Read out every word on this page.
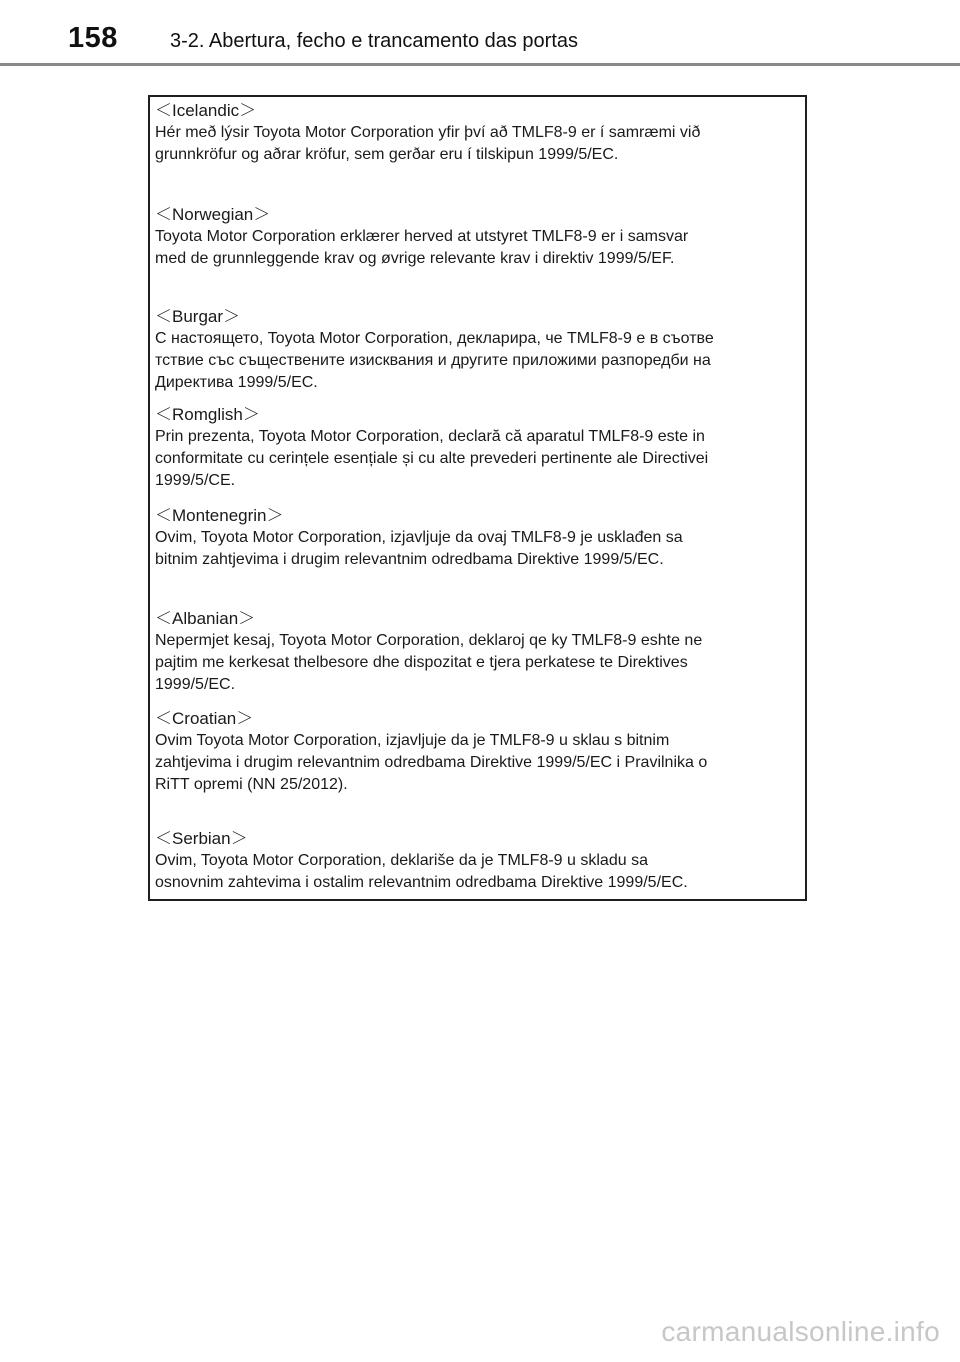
158	3-2. Abertura, fecho e trancamento das portas
＜Icelandic＞
Hér með lýsir Toyota Motor Corporation yfir því að TMLF8-9 er í samræmi við
grunnkröfur og aðrar kröfur, sem gerðar eru í tilskipun 1999/5/EC.
＜Norwegian＞
Toyota Motor Corporation erklærer herved at utstyret TMLF8-9 er i samsvar
med de grunnleggende krav og øvrige relevante krav i direktiv 1999/5/EF.
＜Burgar＞
С настоящето, Toyota Motor Corporation, декларира, че TMLF8-9 е в съотве
тствие със съществените изисквания и другите приложими разпоредби на
Директива 1999/5/EC.
＜Romglish＞
Prin prezenta, Toyota Motor Corporation, declară că aparatul TMLF8-9 este in
conformitate cu cerințele esențiale și cu alte prevederi pertinente ale Directivei
1999/5/CE.
＜Montenegrin＞
Ovim, Toyota Motor Corporation, izjavljuje da ovaj TMLF8-9 je usklađen sa
bitnim zahtjevima i drugim relevantnim odredbama Direktive 1999/5/EC.
＜Albanian＞
Nepermjet kesaj, Toyota Motor Corporation, deklaroj qe ky TMLF8-9 eshte ne
pajtim me kerkesat thelbesore dhe dispozitat e tjera perkatese te Direktives
1999/5/EC.
＜Croatian＞
Ovim Toyota Motor Corporation, izjavljuje da je TMLF8-9 u sklau s bitnim
zahtjevima i drugim relevantnim odredbama Direktive 1999/5/EC i Pravilnika o
RiTT opremi (NN 25/2012).
＜Serbian＞
Ovim, Toyota Motor Corporation, deklariše da je TMLF8-9 u skladu sa
osnovnim zahtevima i ostalim relevantnim odredbama Direktive 1999/5/EC.
carmanualsonline.info
